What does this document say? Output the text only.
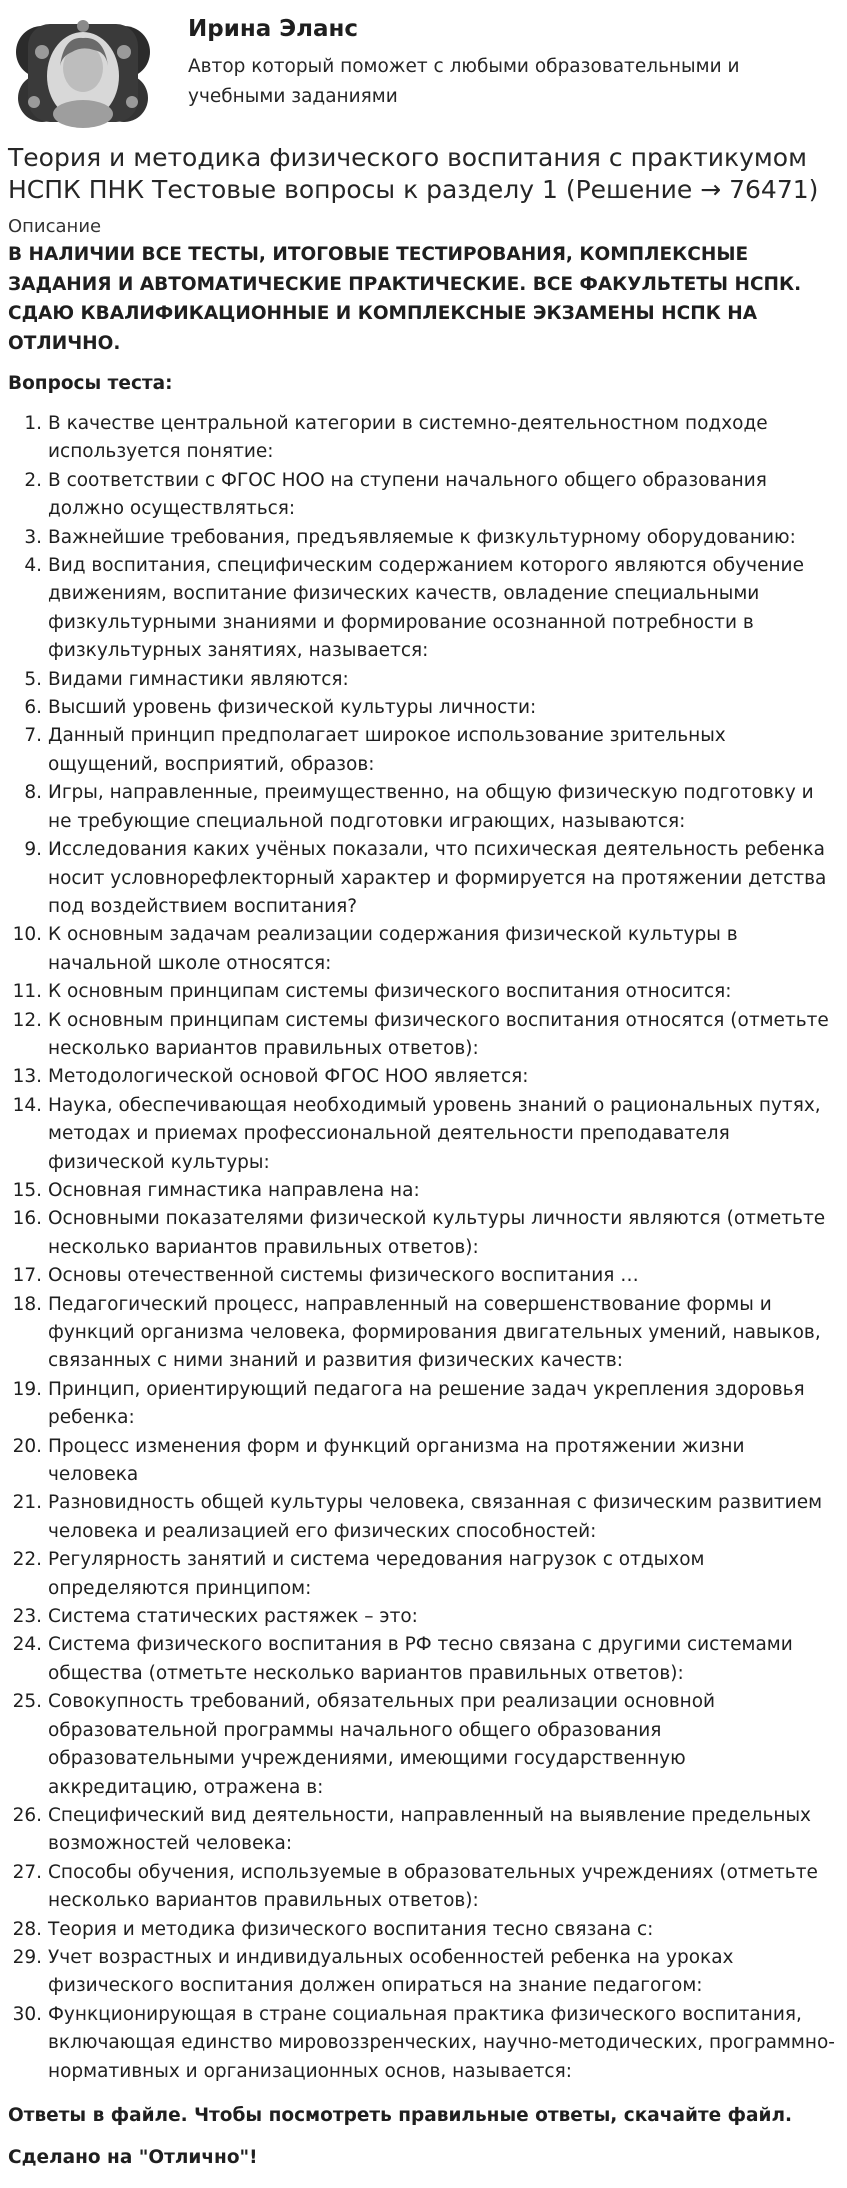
Ирина Эланс
Автор который поможет с любыми образовательными и учебными заданиями
Теория и методика физического воспитания с практикумом НСПК ПНК Тестовые вопросы к разделу 1 (Решение → 76471)
Описание
В НАЛИЧИИ ВСЕ ТЕСТЫ, ИТОГОВЫЕ ТЕСТИРОВАНИЯ, КОМПЛЕКСНЫЕ ЗАДАНИЯ И АВТОМАТИЧЕСКИЕ ПРАКТИЧЕСКИЕ. ВСЕ ФАКУЛЬТЕТЫ НСПК. СДАЮ КВАЛИФИКАЦИОННЫЕ И КОМПЛЕКСНЫЕ ЭКЗАМЕНЫ НСПК НА ОТЛИЧНО.
Вопросы теста:
1. В качестве центральной категории в системно-деятельностном подходе используется понятие:
2. В соответствии с ФГОС НОО на ступени начального общего образования должно осуществляться:
3. Важнейшие требования, предъявляемые к физкультурному оборудованию:
4. Вид воспитания, специфическим содержанием которого являются обучение движениям, воспитание физических качеств, овладение специальными физкультурными знаниями и формирование осознанной потребности в физкультурных занятиях, называется:
5. Видами гимнастики являются:
6. Высший уровень физической культуры личности:
7. Данный принцип предполагает широкое использование зрительных ощущений, восприятий, образов:
8. Игры, направленные, преимущественно, на общую физическую подготовку и не требующие специальной подготовки играющих, называются:
9. Исследования каких учёных показали, что психическая деятельность ребенка носит условнорефлекторный характер и формируется на протяжении детства под воздействием воспитания?
10. К основным задачам реализации содержания физической культуры в начальной школе относятся:
11. К основным принципам системы физического воспитания относится:
12. К основным принципам системы физического воспитания относятся (отметьте несколько вариантов правильных ответов):
13. Методологической основой ФГОС НОО является:
14. Наука, обеспечивающая необходимый уровень знаний о рациональных путях, методах и приемах профессиональной деятельности преподавателя физической культуры:
15. Основная гимнастика направлена на:
16. Основными показателями физической культуры личности являются (отметьте несколько вариантов правильных ответов):
17. Основы отечественной системы физического воспитания …
18. Педагогический процесс, направленный на совершенствование формы и функций организма человека, формирования двигательных умений, навыков, связанных с ними знаний и развития физических качеств:
19. Принцип, ориентирующий педагога на решение задач укрепления здоровья ребенка:
20. Процесс изменения форм и функций организма на протяжении жизни человека
21. Разновидность общей культуры человека, связанная с физическим развитием человека и реализацией его физических способностей:
22. Регулярность занятий и система чередования нагрузок с отдыхом определяются принципом:
23. Система статических растяжек – это:
24. Система физического воспитания в РФ тесно связана с другими системами общества (отметьте несколько вариантов правильных ответов):
25. Совокупность требований, обязательных при реализации основной образовательной программы начального общего образования образовательными учреждениями, имеющими государственную аккредитацию, отражена в:
26. Специфический вид деятельности, направленный на выявление предельных возможностей человека:
27. Способы обучения, используемые в образовательных учреждениях (отметьте несколько вариантов правильных ответов):
28. Теория и методика физического воспитания тесно связана с:
29. Учет возрастных и индивидуальных особенностей ребенка на уроках физического воспитания должен опираться на знание педагогом:
30. Функционирующая в стране социальная практика физического воспитания, включающая единство мировоззренческих, научно-методических, программно-нормативных и организационных основ, называется:
Ответы в файле. Чтобы посмотреть правильные ответы, скачайте файл.
Сделано на "Отлично"!
